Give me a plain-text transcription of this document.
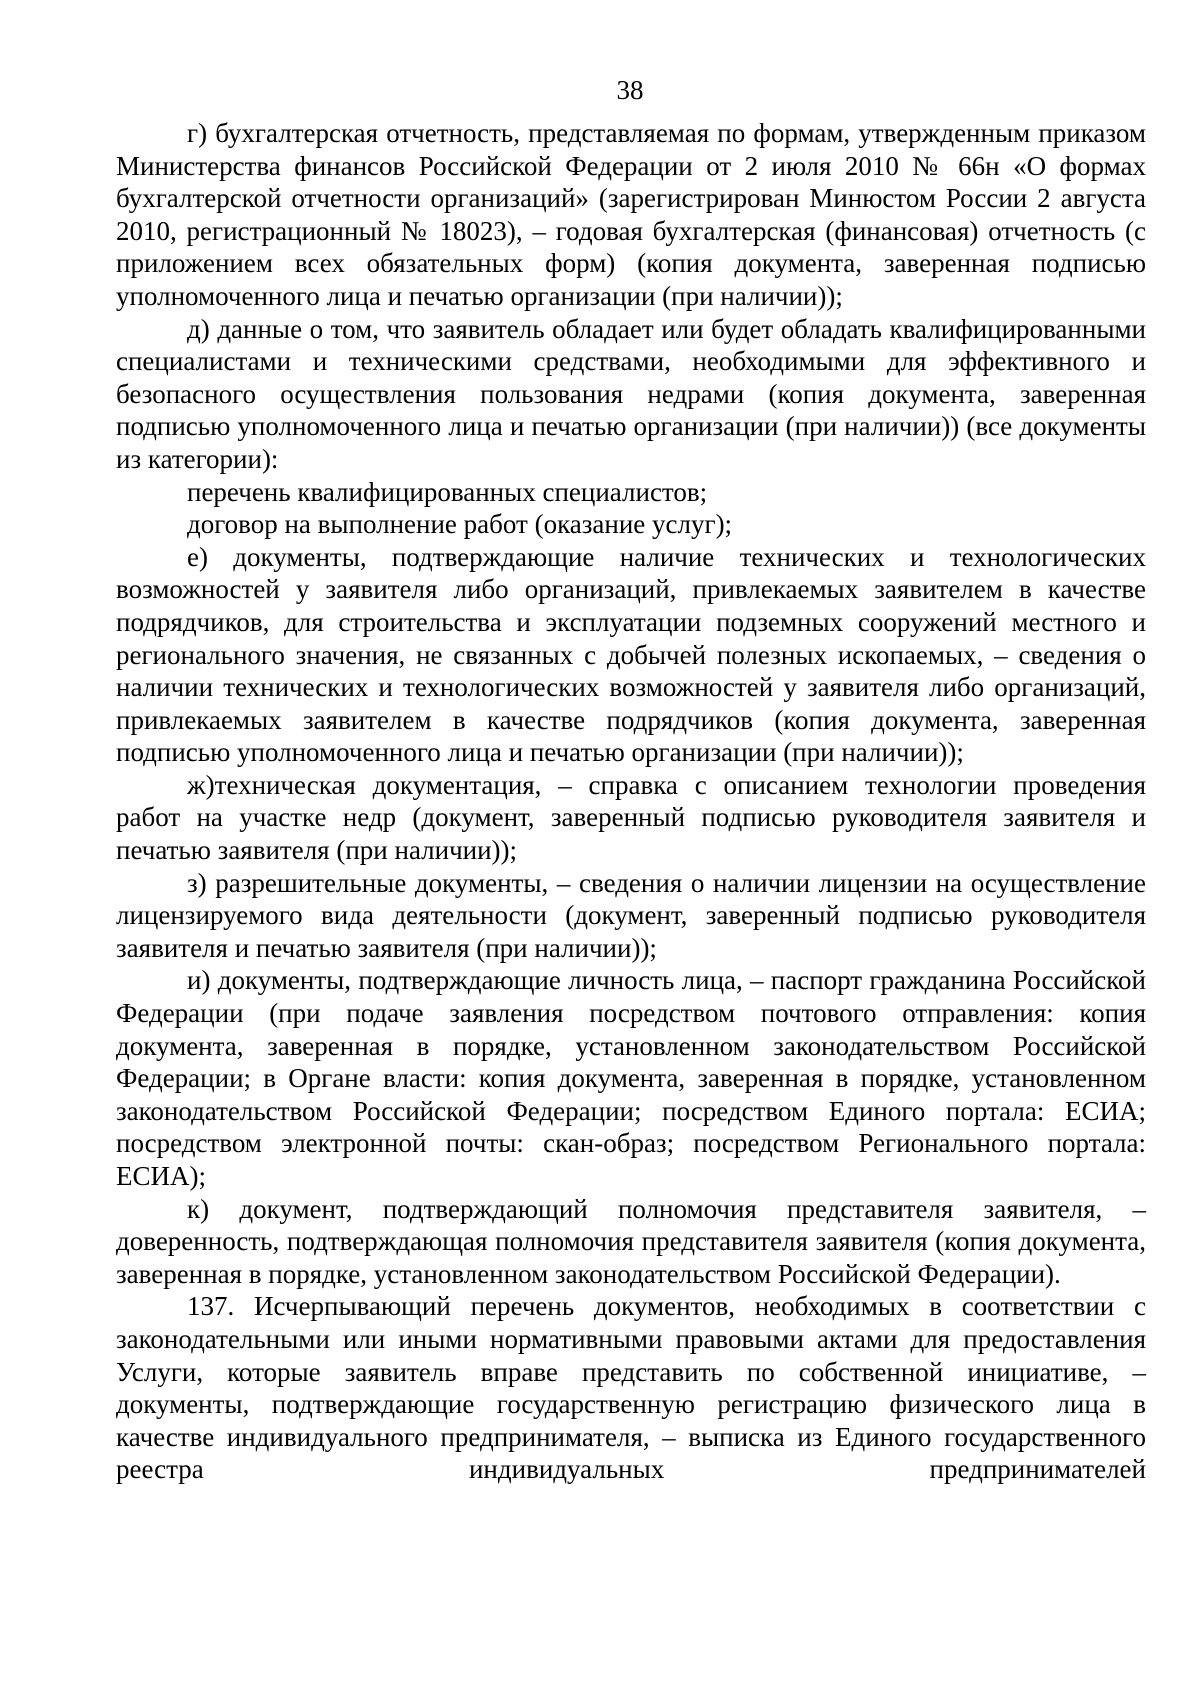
38

г) бухгалтерская отчетность, представляемая по формам, утвержденным приказом Министерства финансов Российской Федерации от 2 июля 2010 № 66н «О формах бухгалтерской отчетности организаций» (зарегистрирован Минюстом России 2 августа 2010, регистрационный № 18023), – годовая бухгалтерская (финансовая) отчетность (с приложением всех обязательных форм) (копия документа, заверенная подписью уполномоченного лица и печатью организации (при наличии));

д) данные о том, что заявитель обладает или будет обладать квалифицированными специалистами и техническими средствами, необходимыми для эффективного и безопасного осуществления пользования недрами (копия документа, заверенная подписью уполномоченного лица и печатью организации (при наличии)) (все документы из категории):

перечень квалифицированных специалистов;

договор на выполнение работ (оказание услуг);

е) документы, подтверждающие наличие технических и технологических возможностей у заявителя либо организаций, привлекаемых заявителем в качестве подрядчиков, для строительства и эксплуатации подземных сооружений местного и регионального значения, не связанных с добычей полезных ископаемых, – сведения о наличии технических и технологических возможностей у заявителя либо организаций, привлекаемых заявителем в качестве подрядчиков (копия документа, заверенная подписью уполномоченного лица и печатью организации (при наличии));

ж)техническая документация, – справка с описанием технологии проведения работ на участке недр (документ, заверенный подписью руководителя заявителя и печатью заявителя (при наличии));

з) разрешительные документы, – сведения о наличии лицензии на осуществление лицензируемого вида деятельности (документ, заверенный подписью руководителя заявителя и печатью заявителя (при наличии));

и) документы, подтверждающие личность лица, – паспорт гражданина Российской Федерации (при подаче заявления посредством почтового отправления: копия документа, заверенная в порядке, установленном законодательством Российской Федерации; в Органе власти: копия документа, заверенная в порядке, установленном законодательством Российской Федерации; посредством Единого портала: ЕСИА; посредством электронной почты: скан-образ; посредством Регионального портала: ЕСИА);

к) документ, подтверждающий полномочия представителя заявителя, – доверенность, подтверждающая полномочия представителя заявителя (копия документа, заверенная в порядке, установленном законодательством Российской Федерации).

137. Исчерпывающий перечень документов, необходимых в соответствии с законодательными или иными нормативными правовыми актами для предоставления Услуги, которые заявитель вправе представить по собственной инициативе, – документы, подтверждающие государственную регистрацию физического лица в качестве индивидуального предпринимателя, – выписка из Единого государственного реестра индивидуальных предпринимателей
